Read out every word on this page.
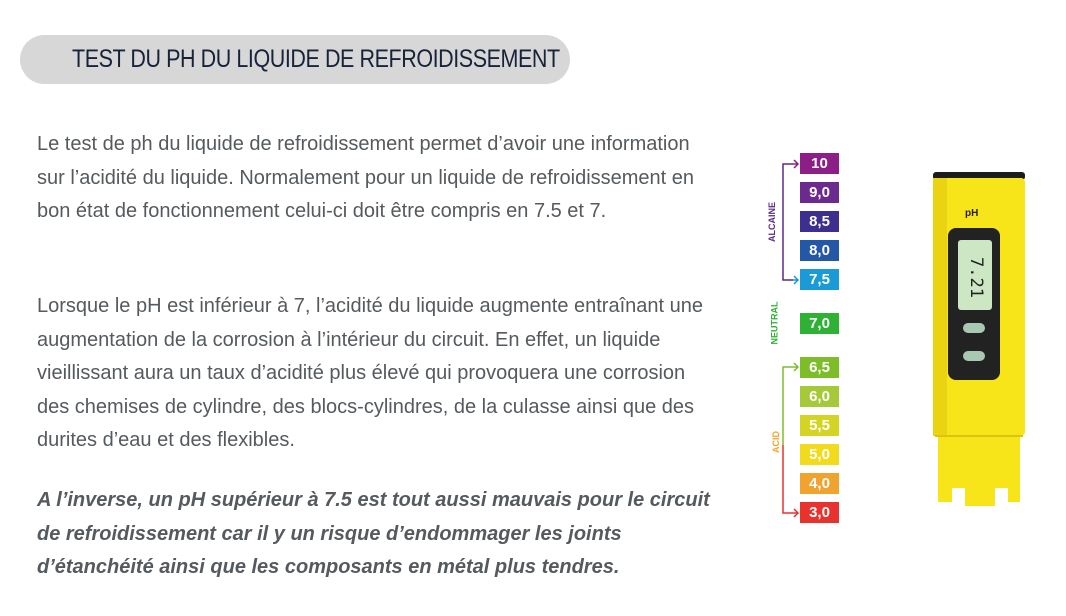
TEST DU PH DU LIQUIDE DE REFROIDISSEMENT

Le test de ph du liquide de refroidissement permet d’avoir une information sur l’acidité du liquide. Normalement pour un liquide de refroidissement en bon état de fonctionnement celui-ci doit être compris en 7.5 et 7.

Lorsque le pH est inférieur à 7, l’acidité du liquide augmente entraînant une augmentation de la corrosion à l’intérieur du circuit. En effet, un liquide vieillissant aura un taux d’acidité plus élevé qui provoquera une corrosion des chemises de cylindre, des blocs-cylindres, de la culasse ainsi que des durites d’eau et des flexibles.

A l’inverse, un pH supérieur à 7.5 est tout aussi mauvais pour le circuit de refroidissement car il y un risque d’endommager les joints d’étanchéité ainsi que les composants en métal plus tendres.

10
9,0
8,5
8,0
7,5
7,0
6,5
6,0
5,5
5,0
4,0
3,0
ALCAINE
NEUTRAL
ACID
pH
7.21
